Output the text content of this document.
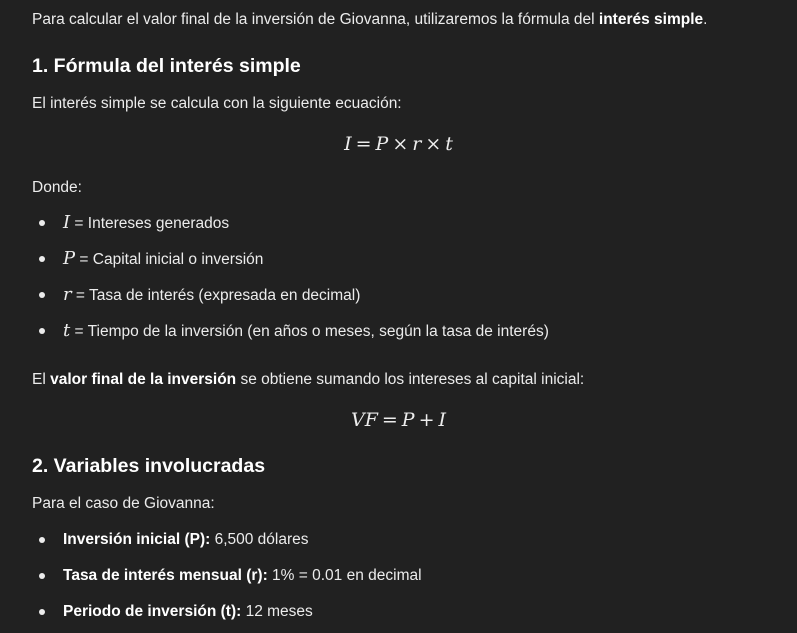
Para calcular el valor final de la inversión de Giovanna, utilizaremos la fórmula del interés simple.
1. Fórmula del interés simple
El interés simple se calcula con la siguiente ecuación:
I = P × r × t
Donde:
I = Intereses generados
P = Capital inicial o inversión
r = Tasa de interés (expresada en decimal)
t = Tiempo de la inversión (en años o meses, según la tasa de interés)
El valor final de la inversión se obtiene sumando los intereses al capital inicial:
VF = P + I
2. Variables involucradas
Para el caso de Giovanna:
Inversión inicial (P): 6,500 dólares
Tasa de interés mensual (r): 1% = 0.01 en decimal
Periodo de inversión (t): 12 meses
